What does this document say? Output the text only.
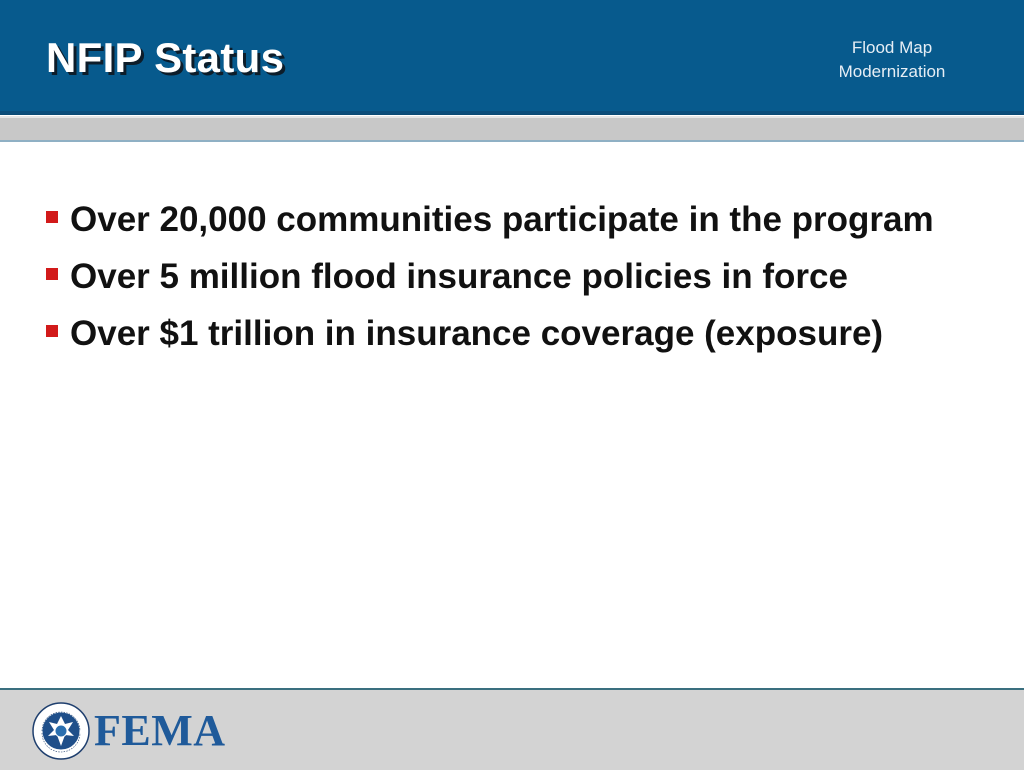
NFIP Status	Flood Map
Modernization
Over 20,000 communities participate in the program
Over 5 million flood insurance policies in force
Over $1 trillion in insurance coverage (exposure)
FEMA
